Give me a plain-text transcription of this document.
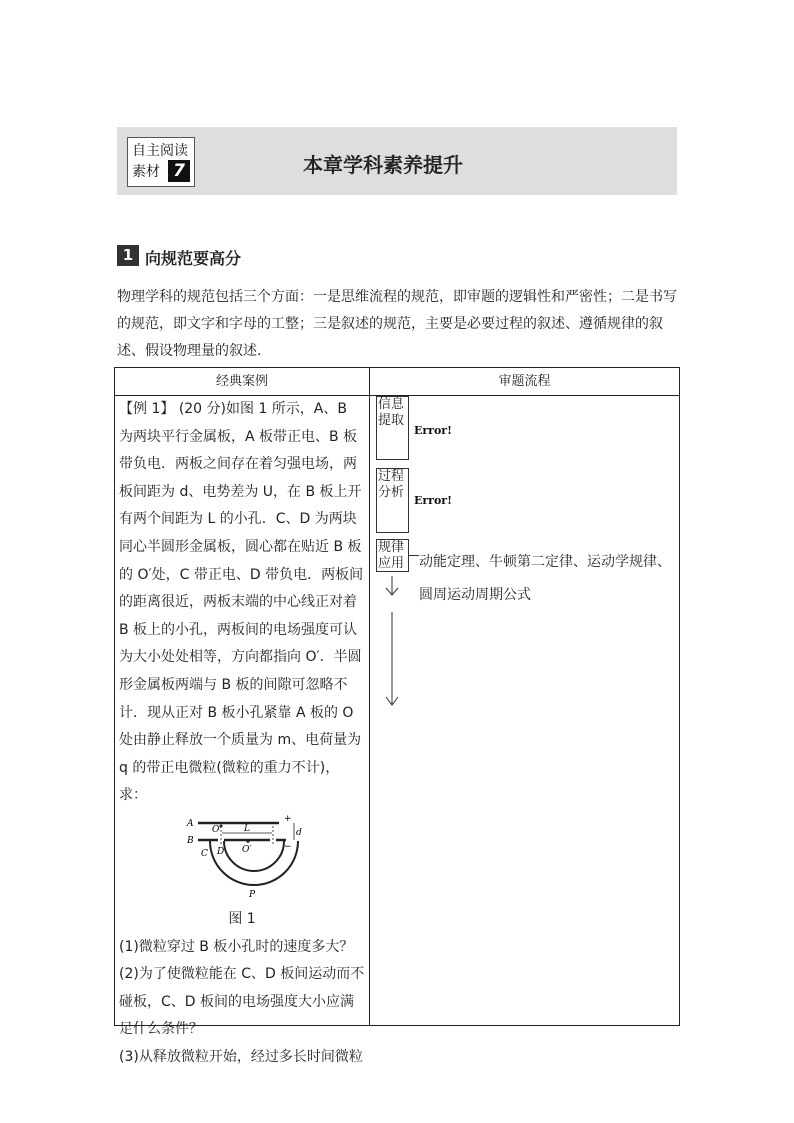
自主阅读
素材 7	本章学科素养提升
1 向规范要高分
物理学科的规范包括三个方面：一是思维流程的规范，即审题的逻辑性和严密性；二是书写的规范，即文字和字母的工整；三是叙述的规范，主要是必要过程的叙述、遵循规律的叙述、假设物理量的叙述.
经典案例	审题流程
【例 1】 (20 分)如图 1 所示，A、B 为两块平行金属板，A 板带正电、B 板带负电．两板之间存在着匀强电场，两板间距为 d、电势差为 U，在 B 板上开有两个间距为 L 的小孔．C、D 为两块同心半圆形金属板，圆心都在贴近 B 板的 O′处，C 带正电、D 带负电．两板间的距离很近，两板末端的中心线正对着 B 板上的小孔，两板间的电场强度可认为大小处处相等，方向都指向 O′．半圆形金属板两端与 B 板的间隙可忽略不计．现从正对 B 板小孔紧靠 A 板的 O 处由静止释放一个质量为 m、电荷量为 q 的带正电微粒(微粒的重力不计)，求：
A
B
C D
O
O′
L	d
+
−
P
图 1
(1)微粒穿过 B 板小孔时的速度多大？
(2)为了使微粒能在 C、D 板间运动而不碰板，C、D 板间的电场强度大小应满足什么条件？
(3)从释放微粒开始，经过多长时间微粒
信息提取
Error!
过程分析
Error!
规律应用	动能定理、牛顿第二定律、运动学规律、圆周运动周期公式
